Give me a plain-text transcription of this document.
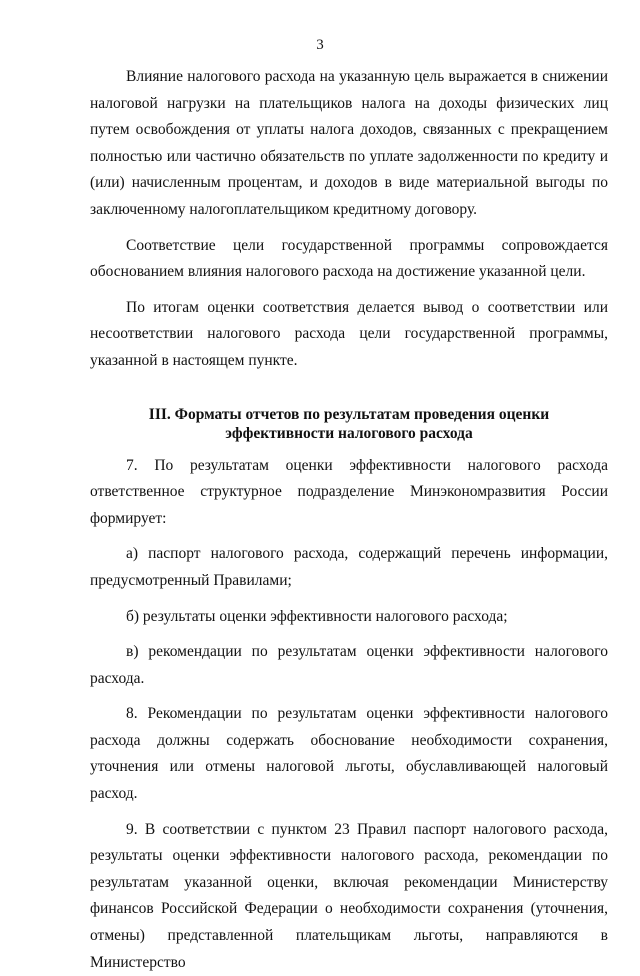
3

Влияние налогового расхода на указанную цель выражается в снижении налоговой нагрузки на плательщиков налога на доходы физических лиц путем освобождения от уплаты налога доходов, связанных с прекращением полностью или частично обязательств по уплате задолженности по кредиту и (или) начисленным процентам, и доходов в виде материальной выгоды по заключенному налогоплательщиком кредитному договору.

Соответствие цели государственной программы сопровождается обоснованием влияния налогового расхода на достижение указанной цели.

По итогам оценки соответствия делается вывод о соответствии или несоответствии налогового расхода цели государственной программы, указанной в настоящем пункте.

III. Форматы отчетов по результатам проведения оценки
эффективности налогового расхода

7. По результатам оценки эффективности налогового расхода ответственное структурное подразделение Минэкономразвития России формирует:

а) паспорт налогового расхода, содержащий перечень информации, предусмотренный Правилами;

б) результаты оценки эффективности налогового расхода;

в) рекомендации по результатам оценки эффективности налогового расхода.

8. Рекомендации по результатам оценки эффективности налогового расхода должны содержать обоснование необходимости сохранения, уточнения или отмены налоговой льготы, обуславливающей налоговый расход.

9. В соответствии с пунктом 23 Правил паспорт налогового расхода, результаты оценки эффективности налогового расхода, рекомендации по результатам указанной оценки, включая рекомендации Министерству финансов Российской Федерации о необходимости сохранения (уточнения, отмены) представленной плательщикам льготы, направляются в Министерство
